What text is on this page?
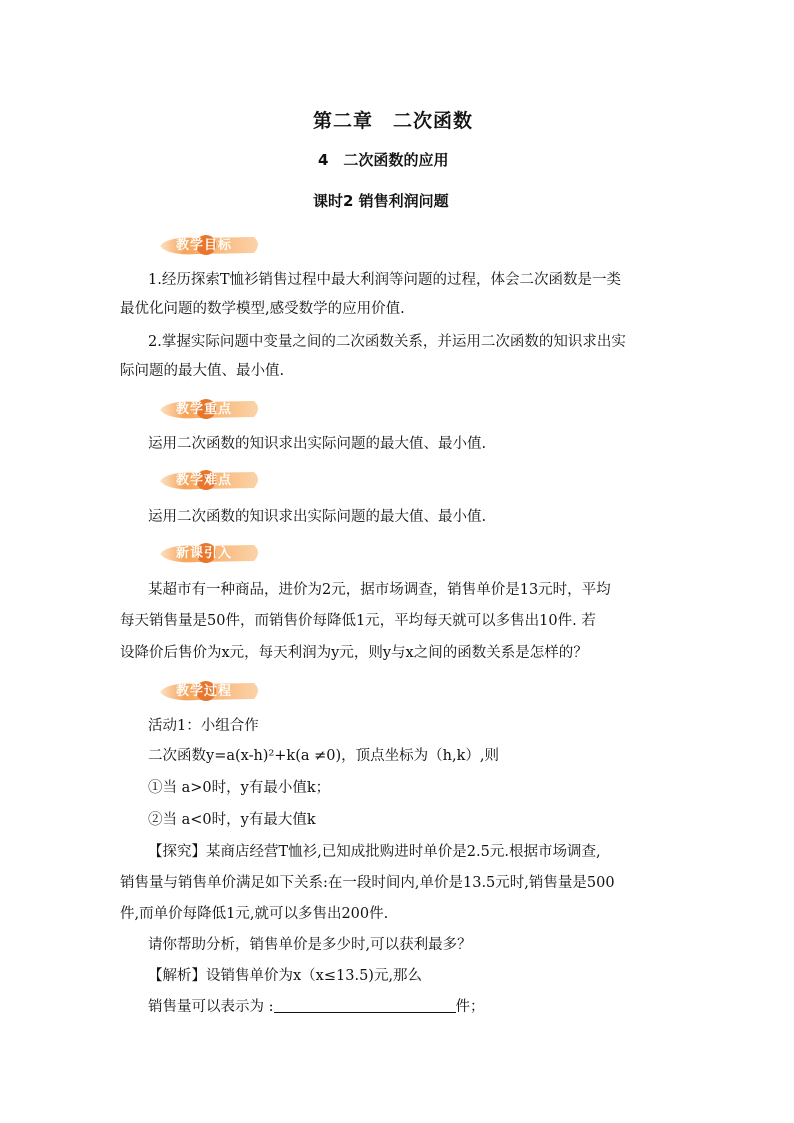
第二章　二次函数
4　二次函数的应用
课时2 销售利润问题
教学目标
1.经历探索T恤衫销售过程中最大利润等问题的过程，体会二次函数是一类
最优化问题的数学模型,感受数学的应用价值.
2.掌握实际问题中变量之间的二次函数关系，并运用二次函数的知识求出实
际问题的最大值、最小值.
教学重点
运用二次函数的知识求出实际问题的最大值、最小值.
教学难点
运用二次函数的知识求出实际问题的最大值、最小值.
新课引入
某超市有一种商品，进价为2元，据市场调查，销售单价是13元时，平均
每天销售量是50件，而销售价每降低1元，平均每天就可以多售出10件. 若
设降价后售价为x元，每天利润为y元，则y与x之间的函数关系是怎样的？
教学过程
活动1：小组合作
二次函数y=a(x-h)²+k(a ≠0)，顶点坐标为（h,k）,则
①当 a>0时，y有最小值k；
②当 a<0时，y有最大值k
【探究】某商店经营T恤衫,已知成批购进时单价是2.5元.根据市场调查,
销售量与销售单价满足如下关系:在一段时间内,单价是13.5元时,销售量是500
件,而单价每降低1元,就可以多售出200件.
请你帮助分析，销售单价是多少时,可以获利最多？
【解析】设销售单价为x（x≤13.5)元,那么
销售量可以表示为 :	件；
